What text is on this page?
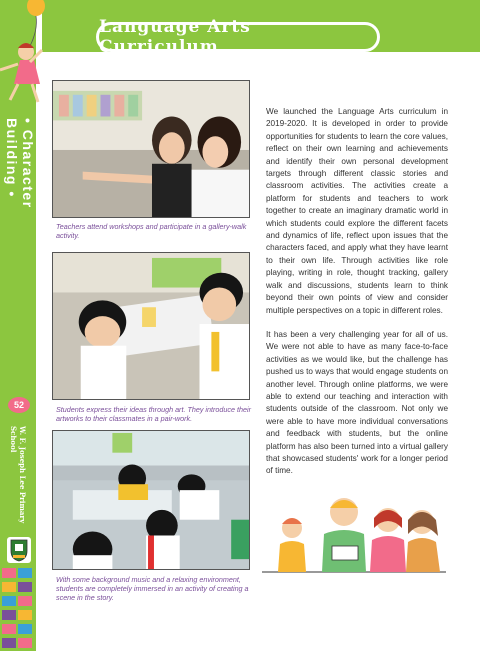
Language Arts Curriculum
• Character Building •
52
W. F. Joseph Lee Primary School
Teachers attend workshops and participate in a gallery-walk activity.
Students express their ideas through art. They introduce their artworks to their classmates in a pair-work.
With some background music and a relaxing environment, students are completely immersed in an activity of creating a scene in the story.

We launched the Language Arts curriculum in 2019-2020. It is developed in order to provide opportunities for students to learn the core values, reflect on their own learning and achievements and identify their own personal development targets through different classic stories and classroom activities. The activities create a platform for students and teachers to work together to create an imaginary dramatic world in which students could explore the different facets and dynamics of life, reflect upon issues that the characters faced, and apply what they have learnt to their own life. Through activities like role playing, writing in role, thought tracking, gallery walk and discussions, students learn to think beyond their own points of view and consider multiple perspectives on a topic in different roles.

It has been a very challenging year for all of us. We were not able to have as many face-to-face activities as we would like, but the challenge has pushed us to ways that would engage students on another level. Through online platforms, we were able to extend our teaching and interaction with students outside of the classroom. Not only we were able to have more individual conversations and feedback with students, but the online platform has also been turned into a virtual gallery that showcased students' work for a longer period of time.
